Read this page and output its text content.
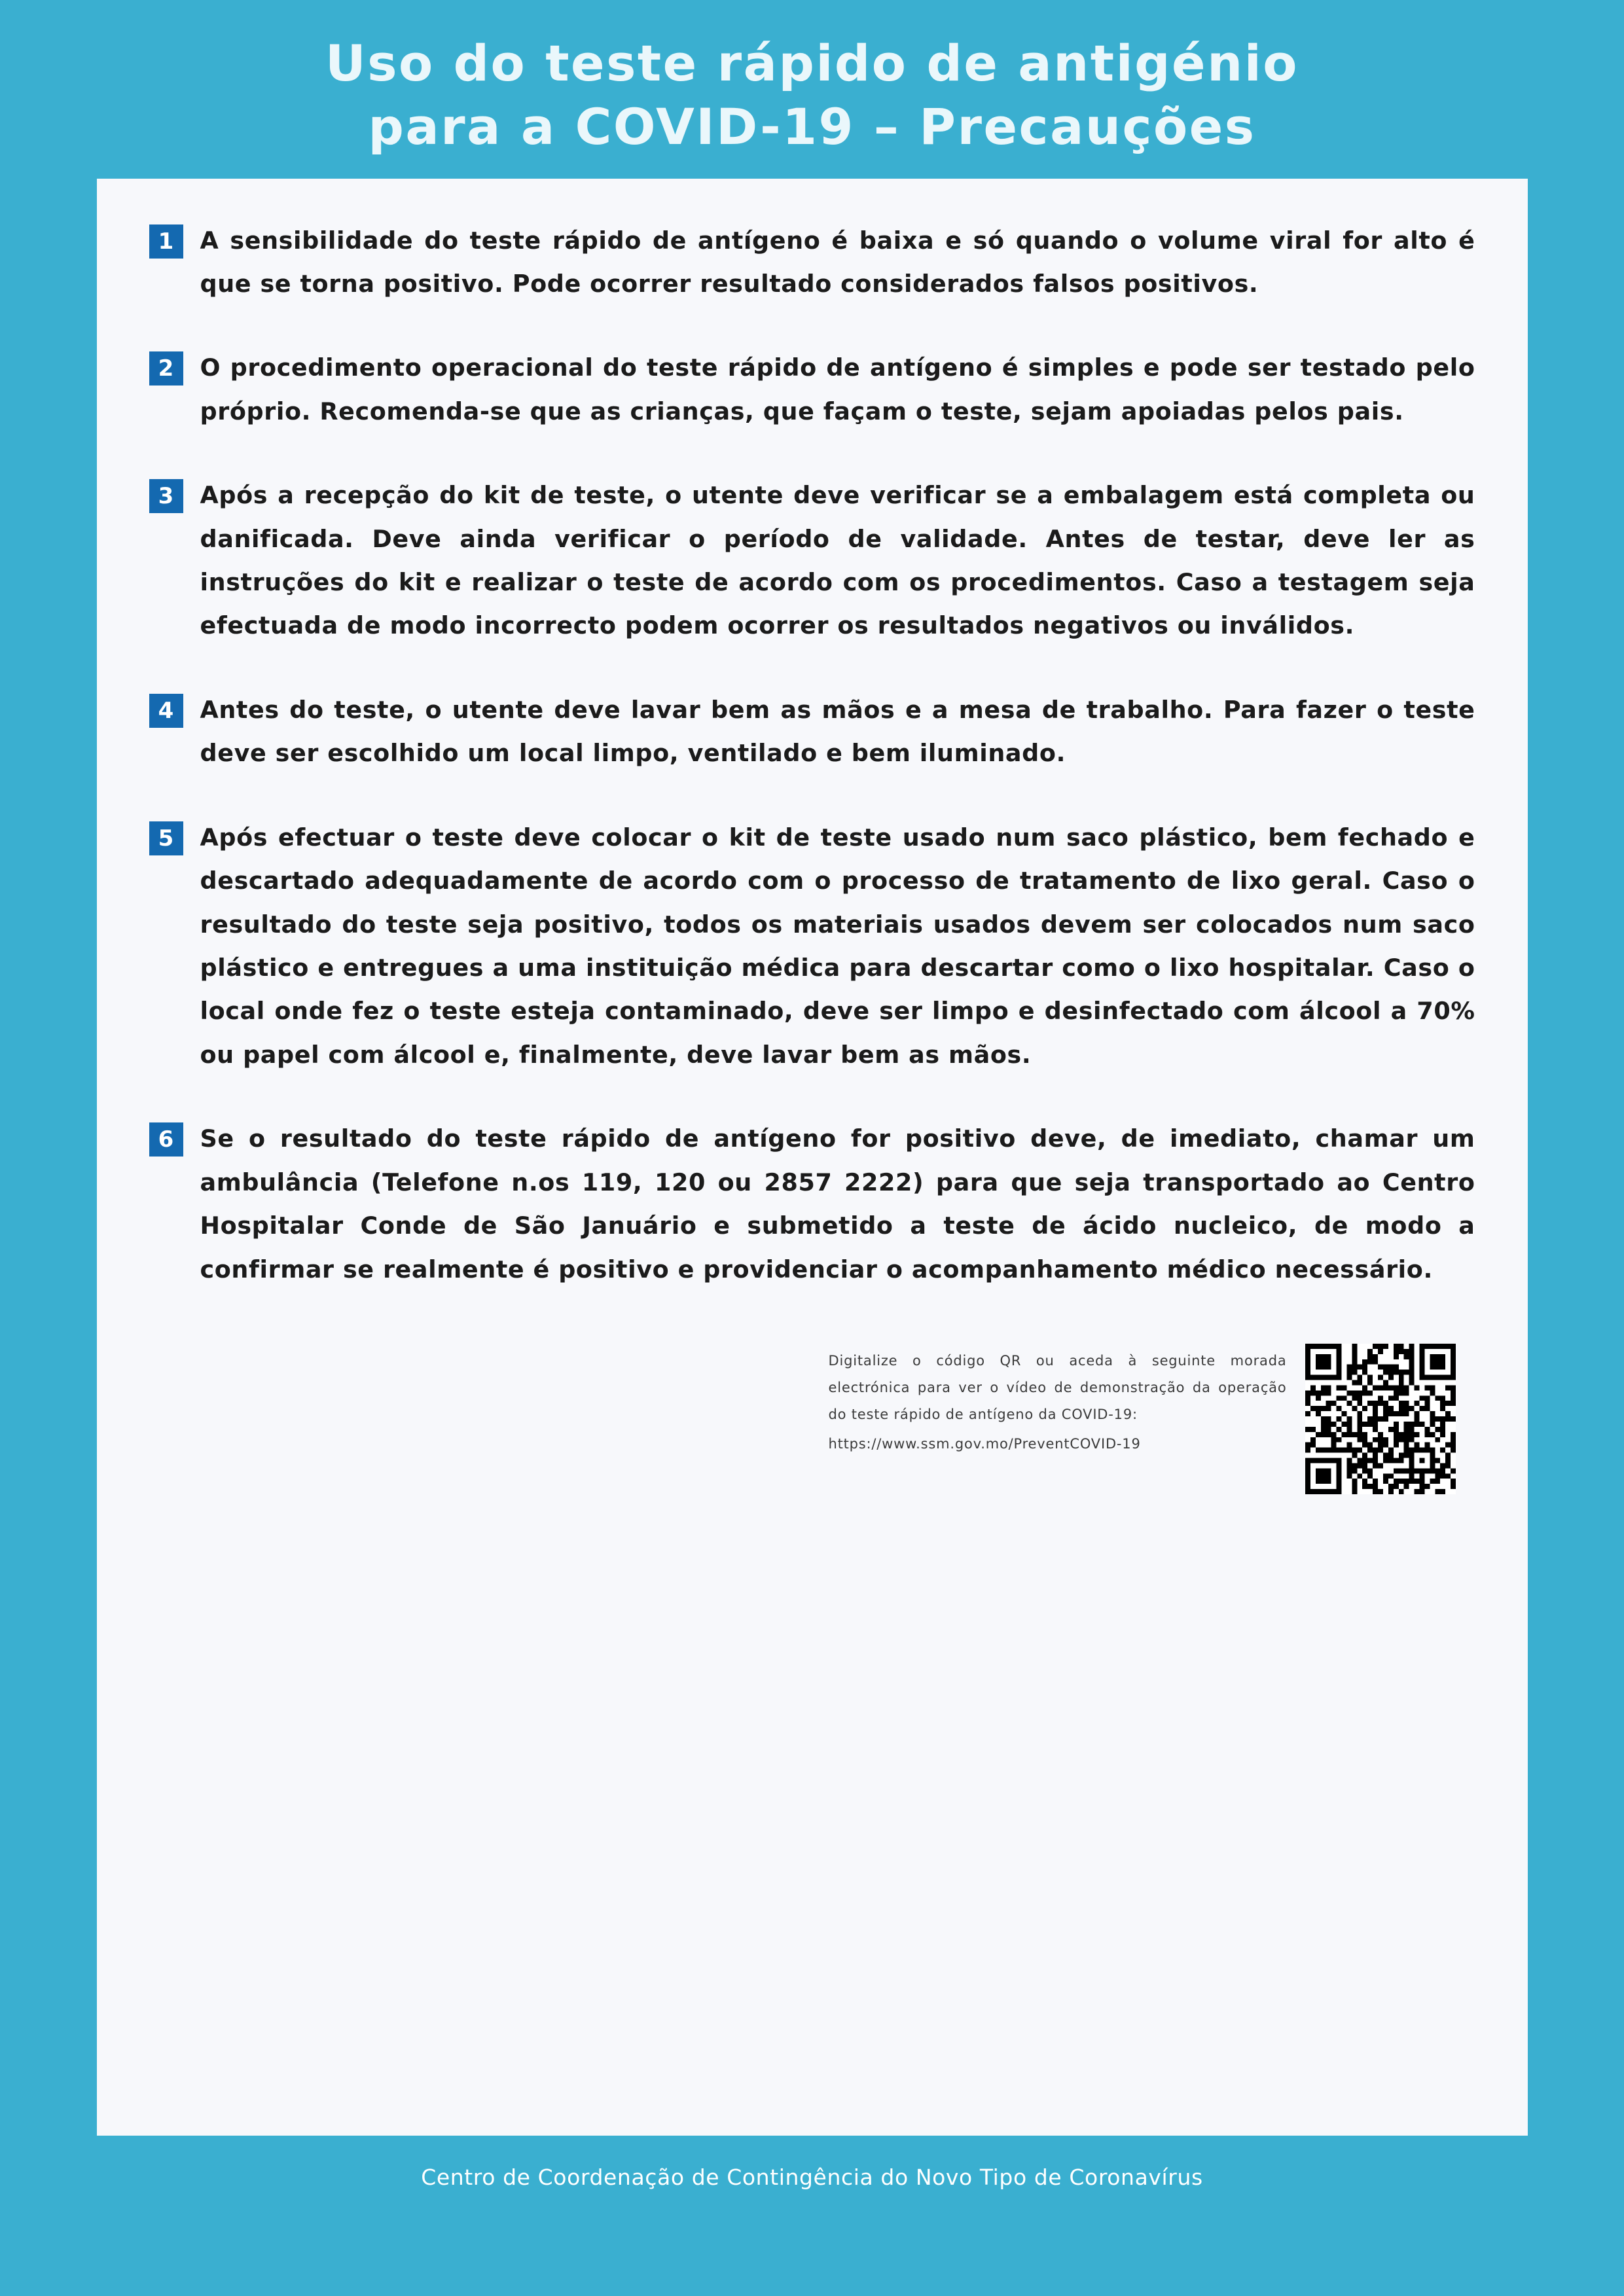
Uso do teste rápido de antigénio
para a COVID-19 – Precauções
1	A sensibilidade do teste rápido de antígeno é baixa e só quando o volume viral for alto é que se torna positivo. Pode ocorrer resultado considerados falsos positivos.
2	O procedimento operacional do teste rápido de antígeno é simples e pode ser testado pelo próprio. Recomenda-se que as crianças, que façam o teste, sejam apoiadas pelos pais.
3	Após a recepção do kit de teste, o utente deve verificar se a embalagem está completa ou danificada. Deve ainda verificar o período de validade. Antes de testar, deve ler as instruções do kit e realizar o teste de acordo com os procedimentos. Caso a testagem seja efectuada de modo incorrecto podem ocorrer os resultados negativos ou inválidos.
4	Antes do teste, o utente deve lavar bem as mãos e a mesa de trabalho. Para fazer o teste deve ser escolhido um local limpo, ventilado e bem iluminado.
5	Após efectuar o teste deve colocar o kit de teste usado num saco plástico, bem fechado e descartado adequadamente de acordo com o processo de tratamento de lixo geral. Caso o resultado do teste seja positivo, todos os materiais usados devem ser colocados num saco plástico e entregues a uma instituição médica para descartar como o lixo hospitalar. Caso o local onde fez o teste esteja contaminado, deve ser limpo e desinfectado com álcool a 70% ou papel com álcool e, finalmente, deve lavar bem as mãos.
6	Se o resultado do teste rápido de antígeno for positivo deve, de imediato, chamar um ambulância (Telefone n.os 119, 120 ou 2857 2222) para que seja transportado ao Centro Hospitalar Conde de São Januário e submetido a teste de ácido nucleico, de modo a confirmar se realmente é positivo e providenciar o acompanhamento médico necessário.
Digitalize o código QR ou aceda à seguinte morada electrónica para ver o vídeo de demonstração da operação do teste rápido de antígeno da COVID-19:
https://www.ssm.gov.mo/PreventCOVID-19
Centro de Coordenação de Contingência do Novo Tipo de Coronavírus
